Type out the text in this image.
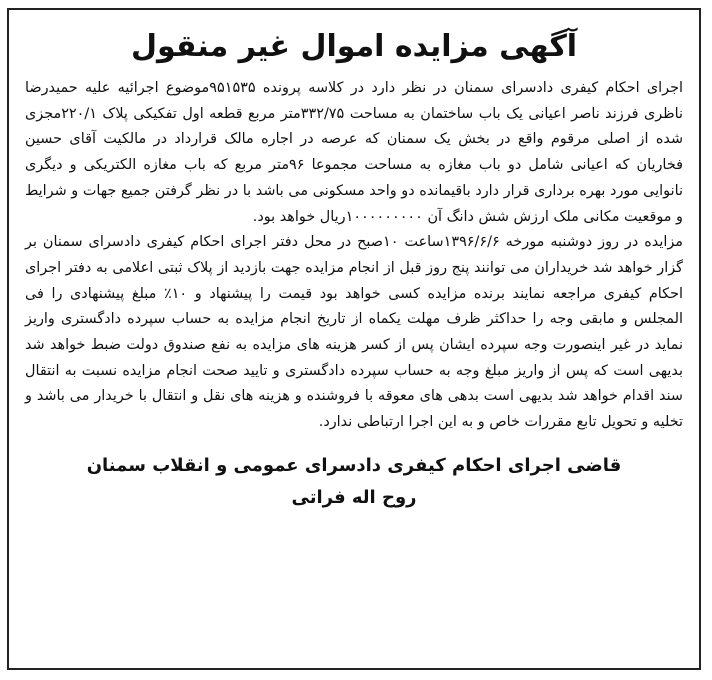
آگهی مزایده اموال غیر منقول

اجرای احکام کیفری دادسرای سمنان در نظر دارد در کلاسه پرونده ۹۵۱۵۳۵موضوع اجرائیه علیه حمیدرضا ناظری فرزند ناصر اعیانی یک باب ساختمان به مساحت ۳۳۲/۷۵متر مربع قطعه اول تفکیکی پلاک ۲۲۰/۱مجزی شده از اصلی مرقوم واقع در بخش یک سمنان که عرصه در اجاره مالک قرارداد در مالکیت آقای حسین فخاریان که اعیانی شامل دو باب مغازه به مساحت مجموعا ۹۶متر مربع که باب مغازه الکتریکی و دیگری نانوایی مورد بهره برداری قرار دارد باقیمانده دو واحد مسکونی می باشد با در نظر گرفتن جمیع جهات و شرایط و موقعیت مکانی ملک ارزش شش دانگ آن ۱۰۰۰۰۰۰۰۰۰ریال خواهد بود.

مزایده در روز دوشنبه مورخه ۱۳۹۶/۶/۶ساعت ۱۰صبح در محل دفتر اجرای احکام کیفری دادسرای سمنان بر گزار خواهد شد خریداران می توانند پنج روز قبل از انجام مزایده جهت بازدید از پلاک ثبتی اعلامی به دفتر اجرای احکام کیفری مراجعه نمایند برنده مزایده کسی خواهد بود قیمت را پیشنهاد و ۱۰٪ مبلغ پیشنهادی را فی المجلس و مابقی وجه را حداکثر ظرف مهلت یکماه از تاریخ انجام مزایده به حساب سپرده دادگستری واریز نماید در غیر اینصورت وجه سپرده ایشان پس از کسر هزینه های مزایده به نفع صندوق دولت ضبط خواهد شد بدیهی است که پس از واریز مبلغ وجه به حساب سپرده دادگستری و تایید صحت انجام مزایده نسبت به انتقال سند اقدام خواهد شد بدیهی است بدهی های معوقه با فروشنده و هزینه های نقل و انتقال با خریدار می باشد و تخلیه و تحویل تابع مقررات خاص و به این اجرا ارتباطی ندارد.

قاضی اجرای احکام کیفری دادسرای عمومی و انقلاب سمنان
روح اله فراتی
